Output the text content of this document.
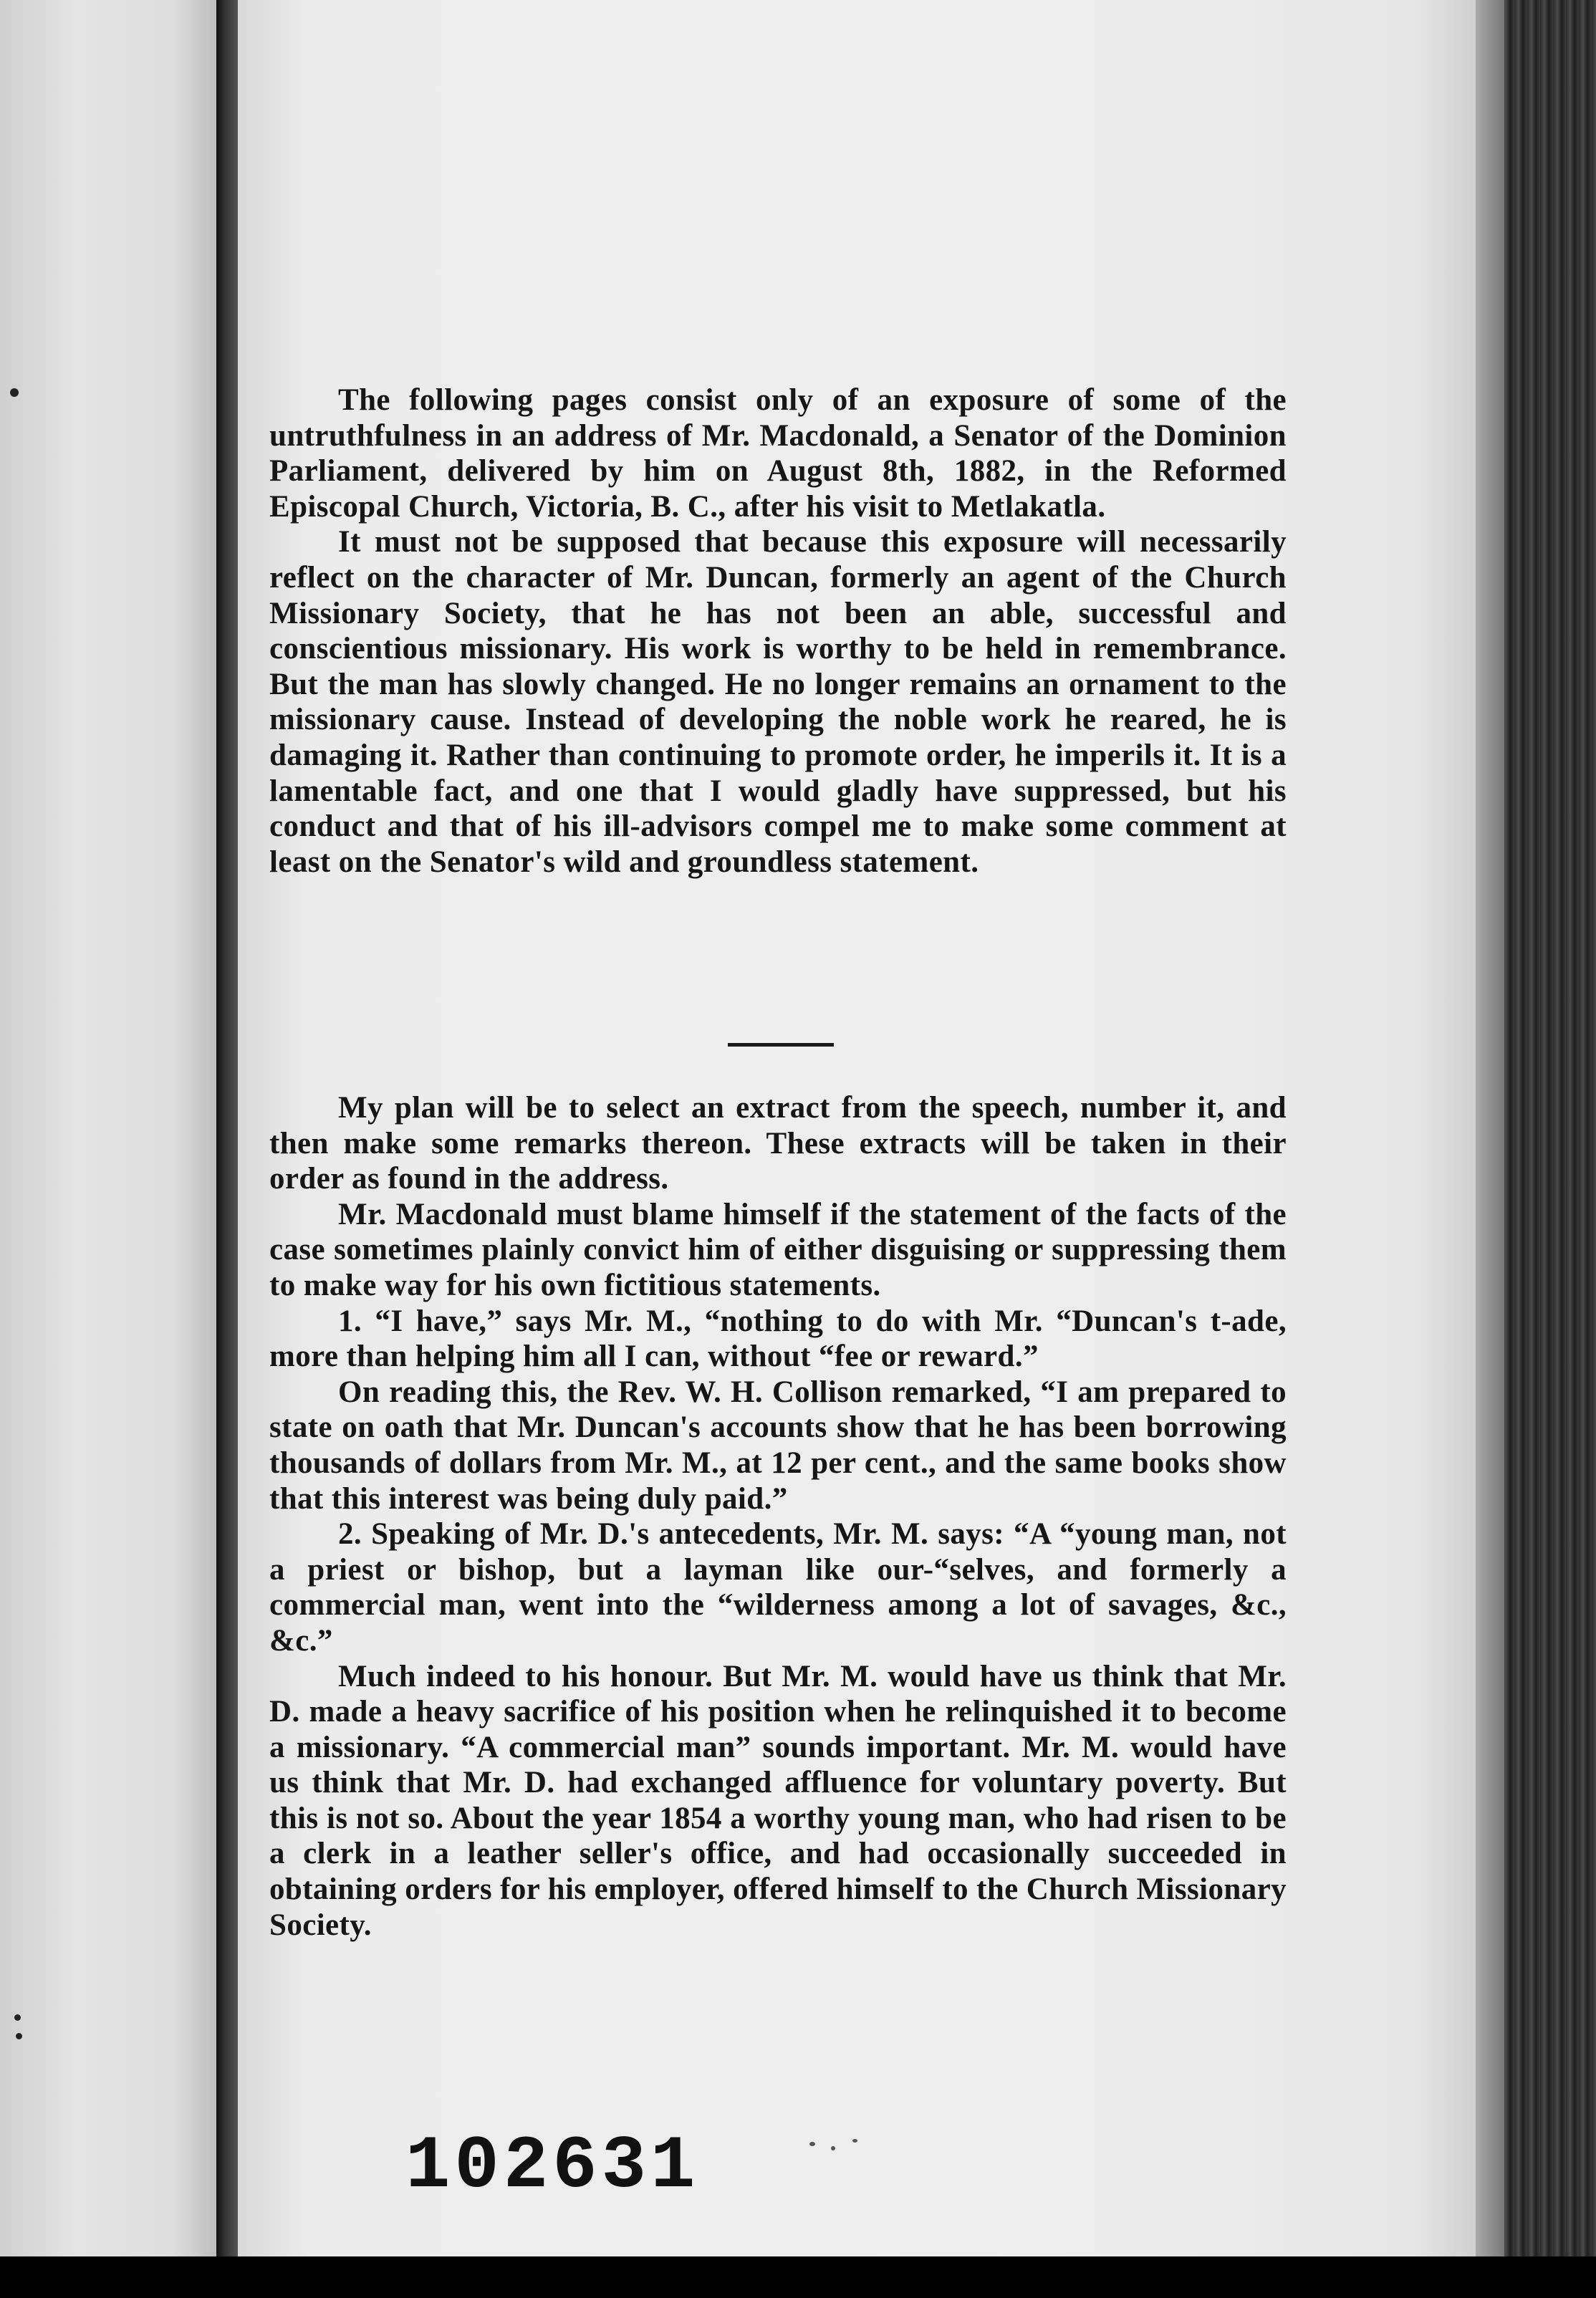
The following pages consist only of an exposure of some of the untruthfulness in an address of Mr. Macdonald, a Senator of the Dominion Parliament, delivered by him on August 8th, 1882, in the Reformed Episcopal Church, Victoria, B. C., after his visit to Metlakatla.

It must not be supposed that because this exposure will necessarily reflect on the character of Mr. Duncan, formerly an agent of the Church Missionary Society, that he has not been an able, successful and conscientious missionary. His work is worthy to be held in remembrance. But the man has slowly changed. He no longer remains an ornament to the missionary cause. Instead of developing the noble work he reared, he is damaging it. Rather than continuing to promote order, he imperils it. It is a lamentable fact, and one that I would gladly have suppressed, but his conduct and that of his ill-advisors compel me to make some comment at least on the Senator's wild and groundless statement.

My plan will be to select an extract from the speech, number it, and then make some remarks thereon. These extracts will be taken in their order as found in the address.

Mr. Macdonald must blame himself if the statement of the facts of the case sometimes plainly convict him of either disguising or suppressing them to make way for his own fictitious statements.

1. “I have,” says Mr. M., “nothing to do with Mr. “Duncan's t-ade, more than helping him all I can, without “fee or reward.”

On reading this, the Rev. W. H. Collison remarked, “I am prepared to state on oath that Mr. Duncan's accounts show that he has been borrowing thousands of dollars from Mr. M., at 12 per cent., and the same books show that this interest was being duly paid.”

2. Speaking of Mr. D.'s antecedents, Mr. M. says: “A “young man, not a priest or bishop, but a layman like our-“selves, and formerly a commercial man, went into the “wilderness among a lot of savages, &c., &c.”

Much indeed to his honour. But Mr. M. would have us think that Mr. D. made a heavy sacrifice of his position when he relinquished it to become a missionary. “A commercial man” sounds important. Mr. M. would have us think that Mr. D. had exchanged affluence for voluntary poverty. But this is not so. About the year 1854 a worthy young man, who had risen to be a clerk in a leather seller's office, and had occasionally succeeded in obtaining orders for his employer, offered himself to the Church Missionary Society.

102631
